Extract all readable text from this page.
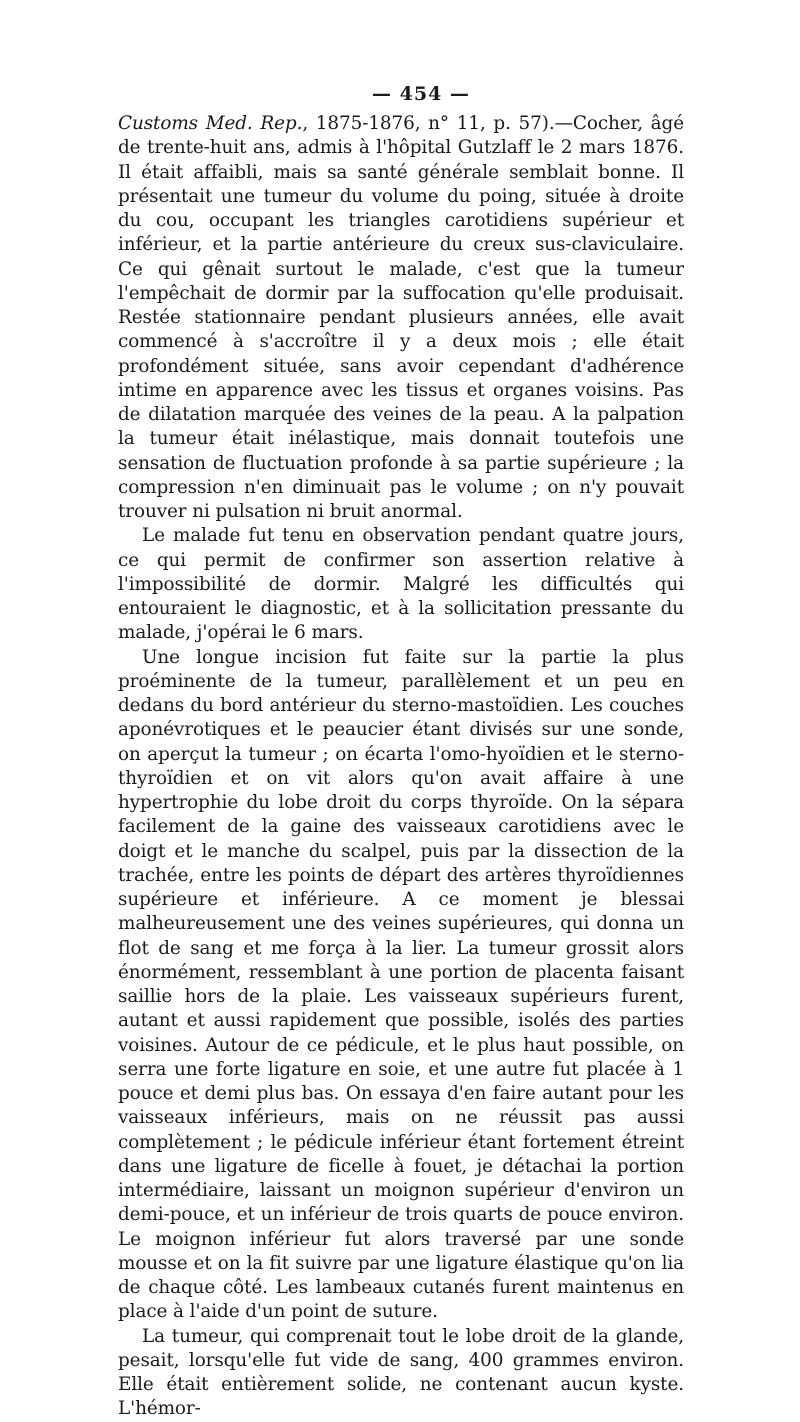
— 454 —

Customs Med. Rep., 1875-1876, n° 11, p. 57).—Cocher, âgé de trente-huit ans, admis à l'hôpital Gutzlaff le 2 mars 1876. Il était affaibli, mais sa santé générale semblait bonne. Il présentait une tumeur du volume du poing, située à droite du cou, occupant les triangles carotidiens supérieur et inférieur, et la partie antérieure du creux sus-claviculaire. Ce qui gênait surtout le malade, c'est que la tumeur l'empêchait de dormir par la suffocation qu'elle produisait. Restée stationnaire pendant plusieurs années, elle avait commencé à s'accroître il y a deux mois ; elle était profondément située, sans avoir cependant d'adhérence intime en apparence avec les tissus et organes voisins. Pas de dilatation marquée des veines de la peau. A la palpation la tumeur était inélastique, mais donnait toutefois une sensation de fluctuation profonde à sa partie supérieure ; la compression n'en diminuait pas le volume ; on n'y pouvait trouver ni pulsation ni bruit anormal.

Le malade fut tenu en observation pendant quatre jours, ce qui permit de confirmer son assertion relative à l'impossibilité de dormir. Malgré les difficultés qui entouraient le diagnostic, et à la sollicitation pressante du malade, j'opérai le 6 mars.

Une longue incision fut faite sur la partie la plus proéminente de la tumeur, parallèlement et un peu en dedans du bord antérieur du sterno-mastoïdien. Les couches aponévrotiques et le peaucier étant divisés sur une sonde, on aperçut la tumeur ; on écarta l'omo-hyoïdien et le sterno-thyroïdien et on vit alors qu'on avait affaire à une hypertrophie du lobe droit du corps thyroïde. On la sépara facilement de la gaine des vaisseaux carotidiens avec le doigt et le manche du scalpel, puis par la dissection de la trachée, entre les points de départ des artères thyroïdiennes supérieure et inférieure. A ce moment je blessai malheureusement une des veines supérieures, qui donna un flot de sang et me força à la lier. La tumeur grossit alors énormément, ressemblant à une portion de placenta faisant saillie hors de la plaie. Les vaisseaux supérieurs furent, autant et aussi rapidement que possible, isolés des parties voisines. Autour de ce pédicule, et le plus haut possible, on serra une forte ligature en soie, et une autre fut placée à 1 pouce et demi plus bas. On essaya d'en faire autant pour les vaisseaux inférieurs, mais on ne réussit pas aussi complètement ; le pédicule inférieur étant fortement étreint dans une ligature de ficelle à fouet, je détachai la portion intermédiaire, laissant un moignon supérieur d'environ un demi-pouce, et un inférieur de trois quarts de pouce environ. Le moignon inférieur fut alors traversé par une sonde mousse et on la fit suivre par une ligature élastique qu'on lia de chaque côté. Les lambeaux cutanés furent maintenus en place à l'aide d'un point de suture.

La tumeur, qui comprenait tout le lobe droit de la glande, pesait, lorsqu'elle fut vide de sang, 400 grammes environ. Elle était entièrement solide, ne contenant aucun kyste. L'hémor-
